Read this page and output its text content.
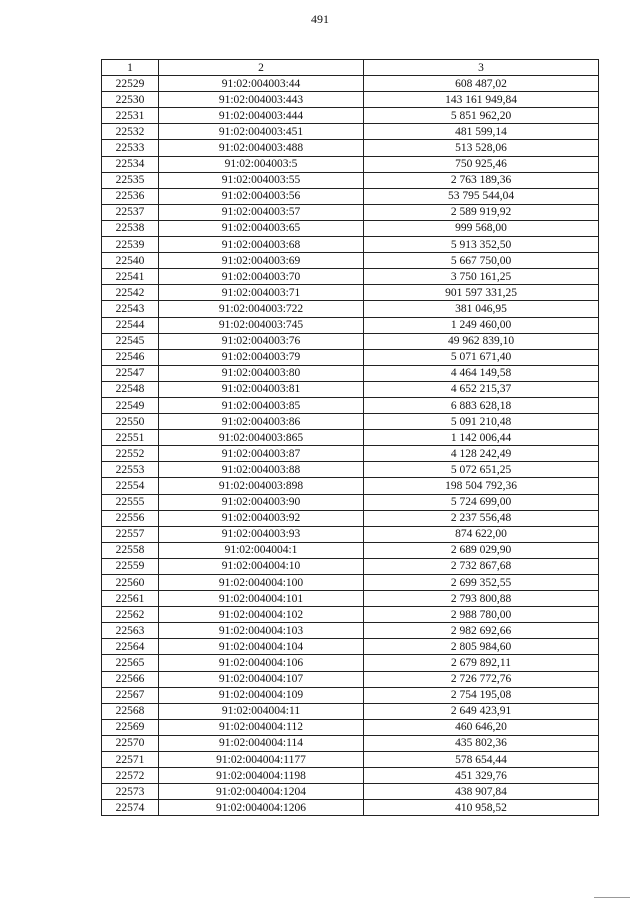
491
1	2	3
22529	91:02:004003:44	608 487,02
22530	91:02:004003:443	143 161 949,84
22531	91:02:004003:444	5 851 962,20
22532	91:02:004003:451	481 599,14
22533	91:02:004003:488	513 528,06
22534	91:02:004003:5	750 925,46
22535	91:02:004003:55	2 763 189,36
22536	91:02:004003:56	53 795 544,04
22537	91:02:004003:57	2 589 919,92
22538	91:02:004003:65	999 568,00
22539	91:02:004003:68	5 913 352,50
22540	91:02:004003:69	5 667 750,00
22541	91:02:004003:70	3 750 161,25
22542	91:02:004003:71	901 597 331,25
22543	91:02:004003:722	381 046,95
22544	91:02:004003:745	1 249 460,00
22545	91:02:004003:76	49 962 839,10
22546	91:02:004003:79	5 071 671,40
22547	91:02:004003:80	4 464 149,58
22548	91:02:004003:81	4 652 215,37
22549	91:02:004003:85	6 883 628,18
22550	91:02:004003:86	5 091 210,48
22551	91:02:004003:865	1 142 006,44
22552	91:02:004003:87	4 128 242,49
22553	91:02:004003:88	5 072 651,25
22554	91:02:004003:898	198 504 792,36
22555	91:02:004003:90	5 724 699,00
22556	91:02:004003:92	2 237 556,48
22557	91:02:004003:93	874 622,00
22558	91:02:004004:1	2 689 029,90
22559	91:02:004004:10	2 732 867,68
22560	91:02:004004:100	2 699 352,55
22561	91:02:004004:101	2 793 800,88
22562	91:02:004004:102	2 988 780,00
22563	91:02:004004:103	2 982 692,66
22564	91:02:004004:104	2 805 984,60
22565	91:02:004004:106	2 679 892,11
22566	91:02:004004:107	2 726 772,76
22567	91:02:004004:109	2 754 195,08
22568	91:02:004004:11	2 649 423,91
22569	91:02:004004:112	460 646,20
22570	91:02:004004:114	435 802,36
22571	91:02:004004:1177	578 654,44
22572	91:02:004004:1198	451 329,76
22573	91:02:004004:1204	438 907,84
22574	91:02:004004:1206	410 958,52
